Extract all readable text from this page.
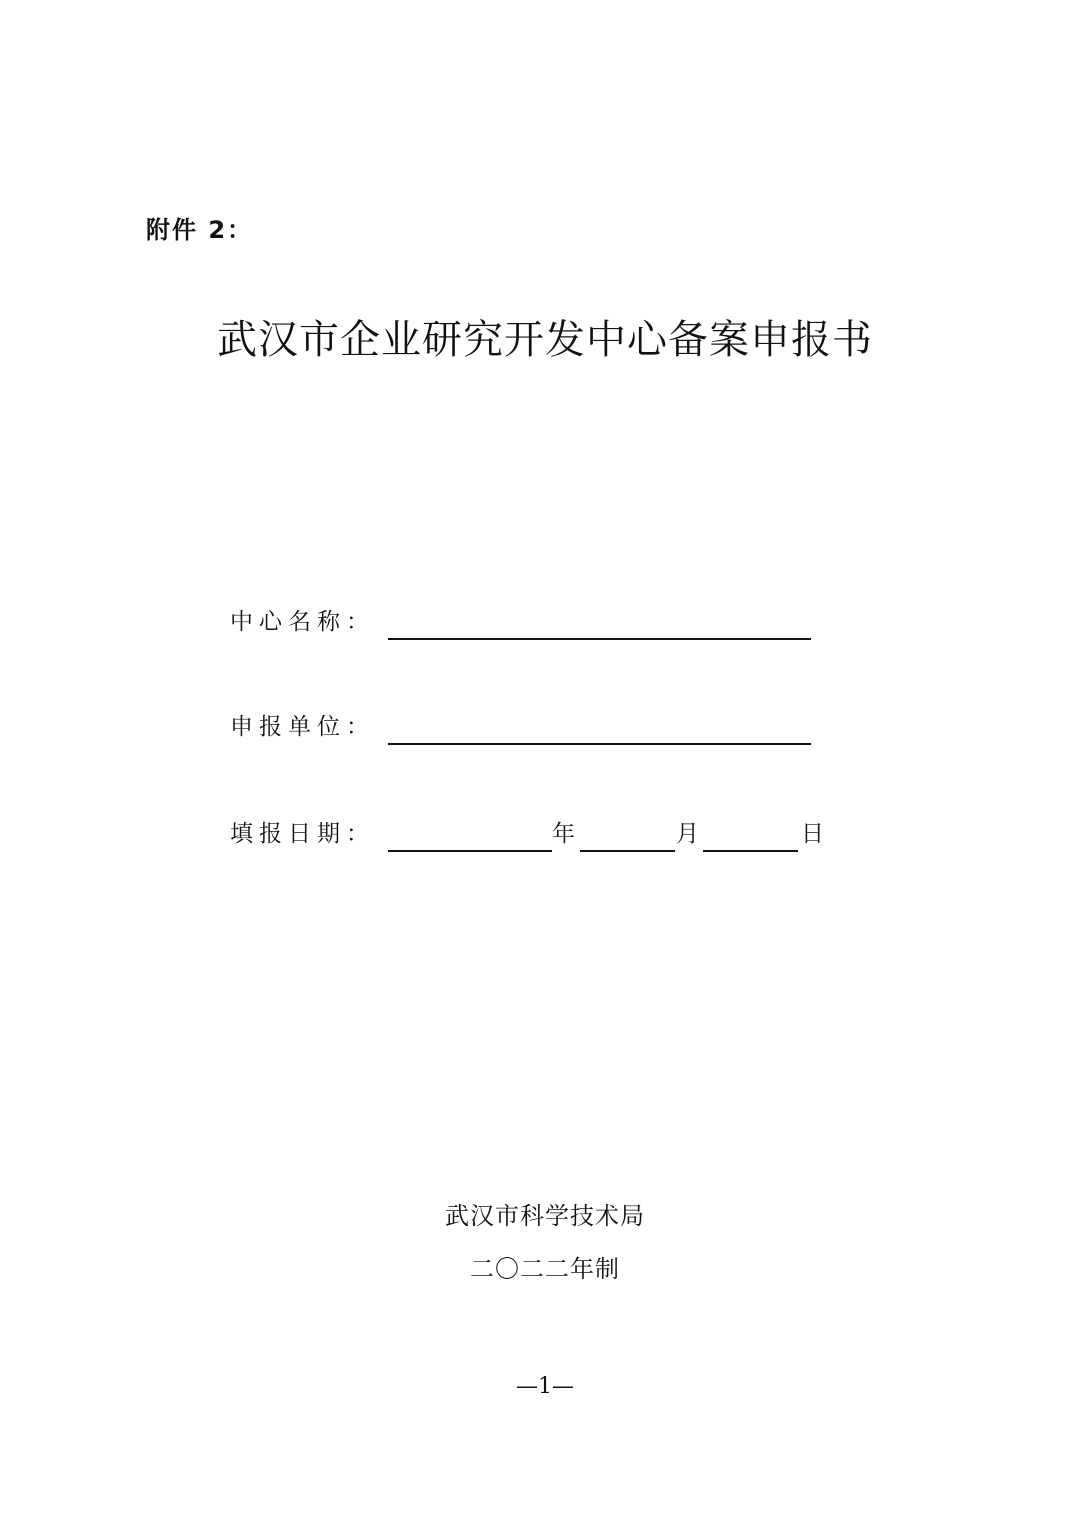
附件 2：
武汉市企业研究开发中心备案申报书
中心名称：
申报单位：
填报日期：	年	月	日
武汉市科学技术局
二〇二二年制
—1—
